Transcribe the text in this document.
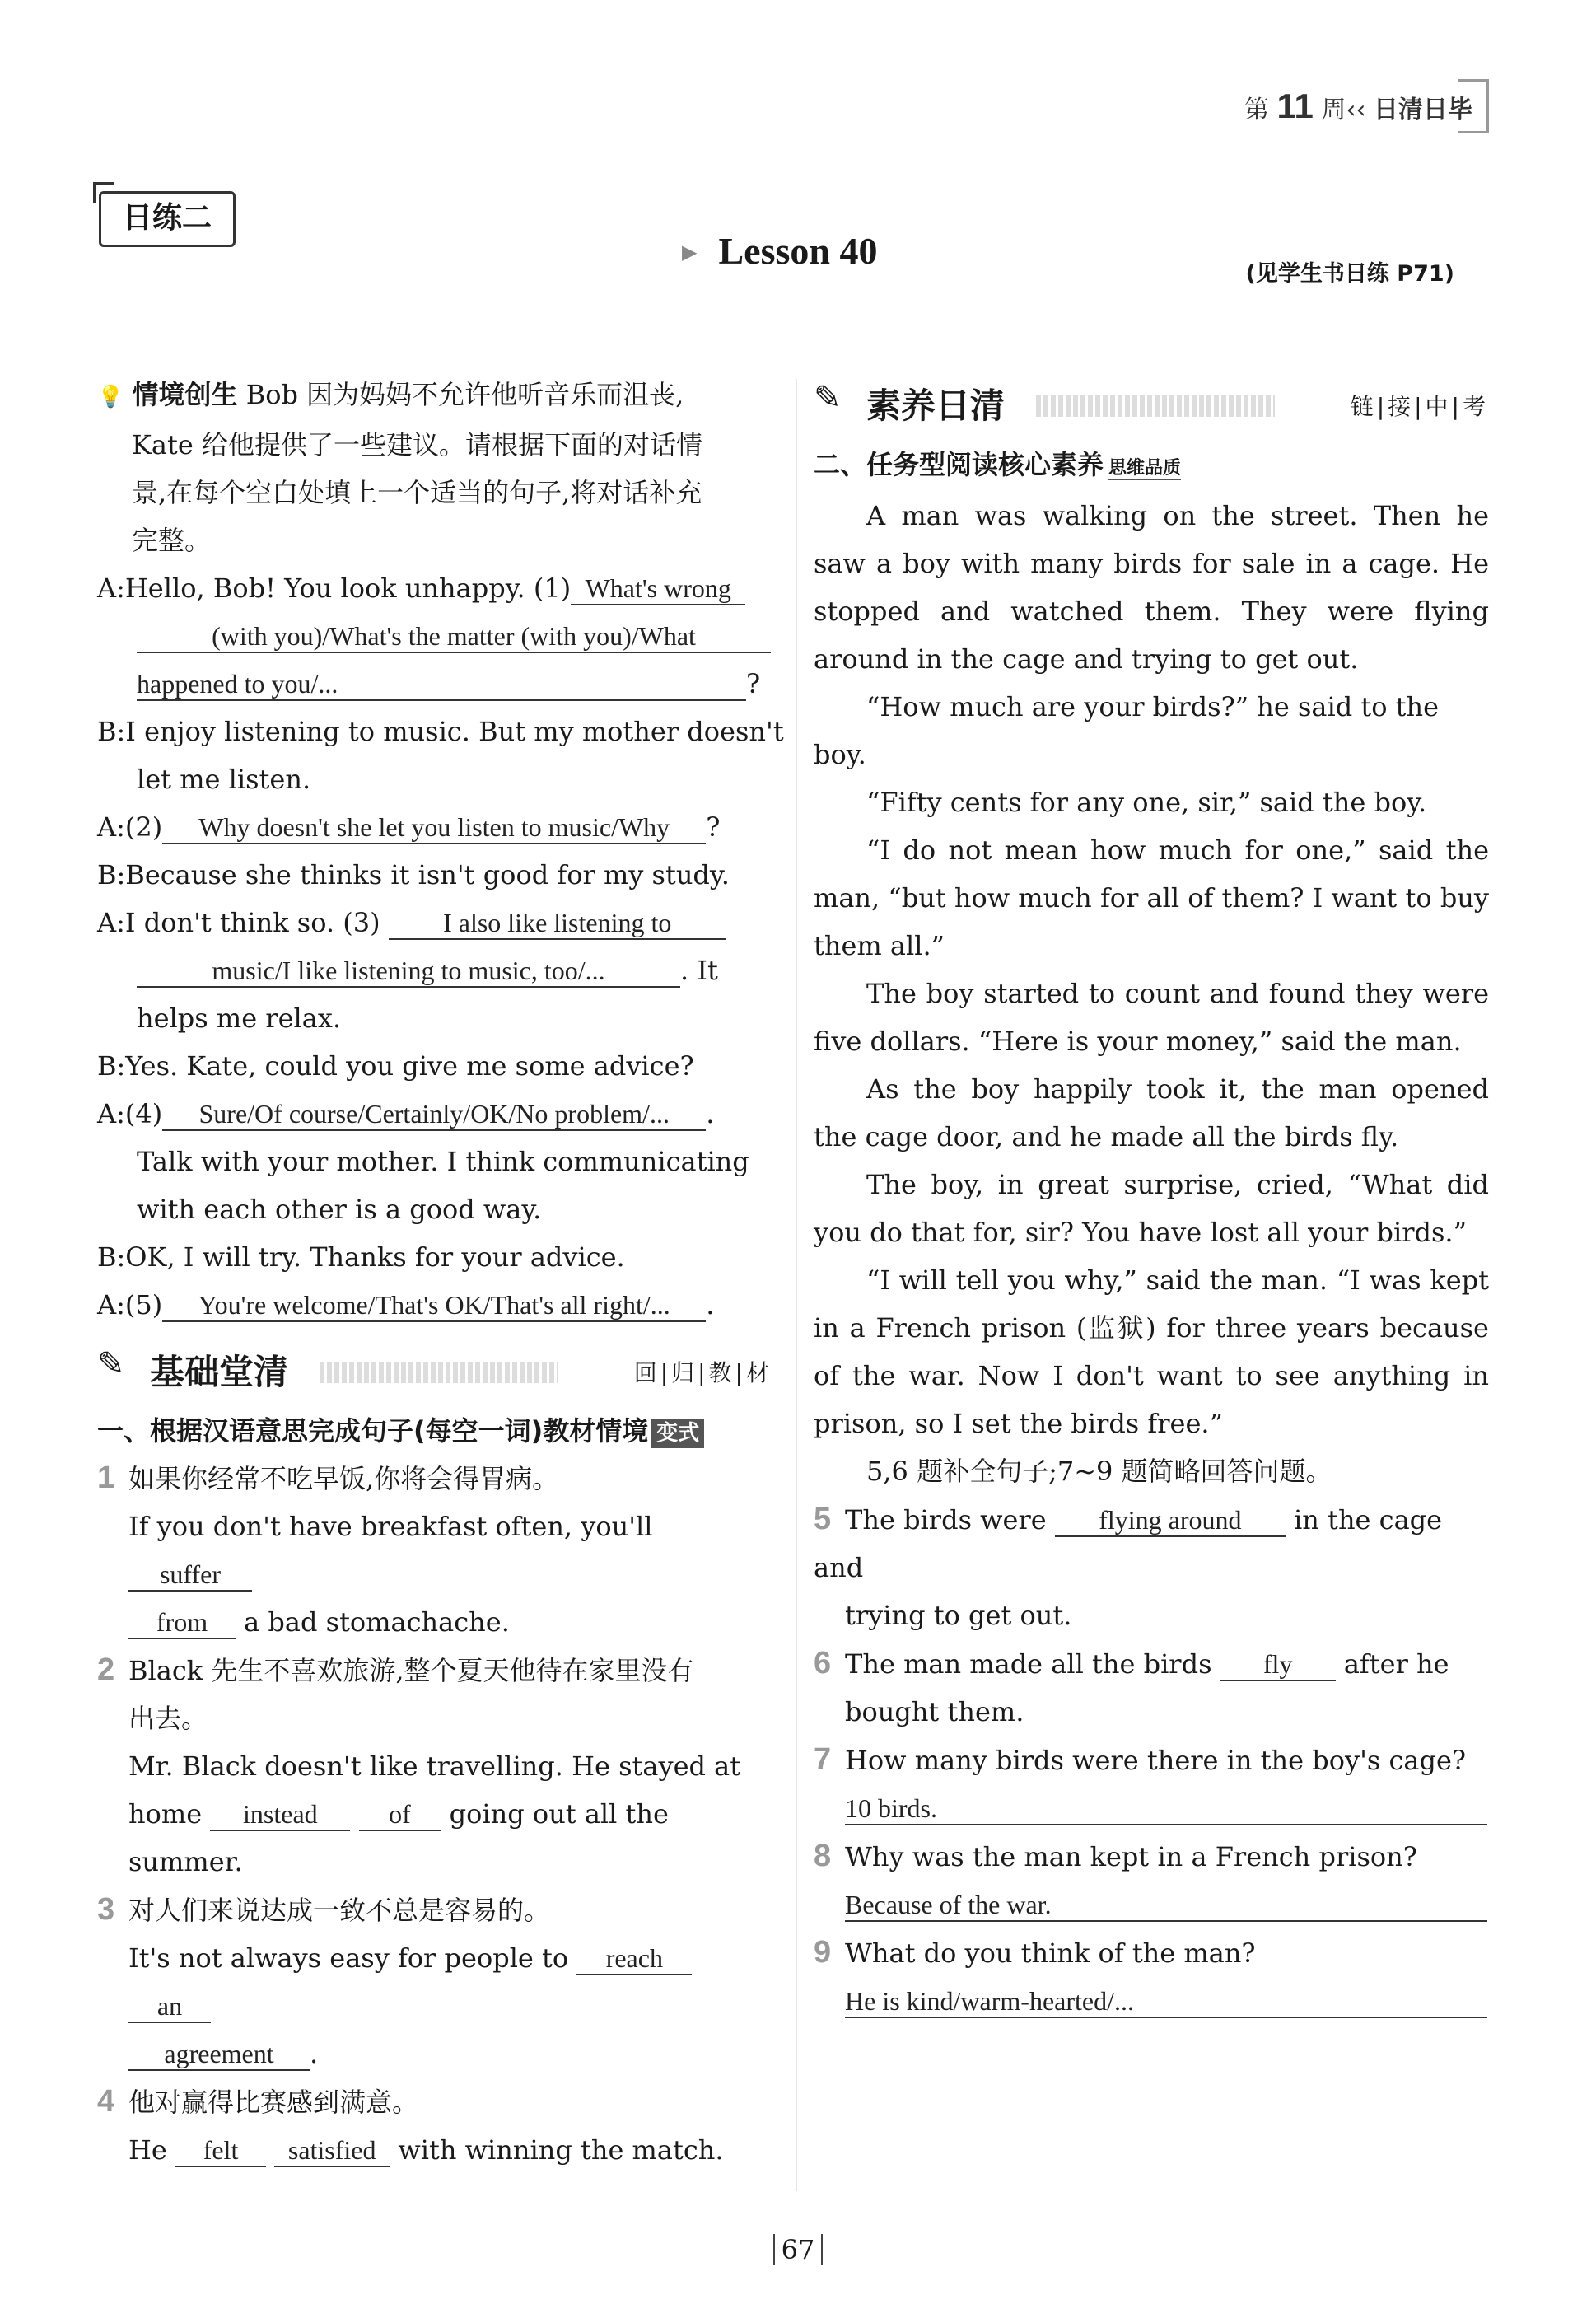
第 11 周‹‹ 日清日毕
日练二
▶ Lesson 40
(见学生书日练 P71)
💡 情境创生 Bob 因为妈妈不允许他听音乐而沮丧,
Kate 给他提供了一些建议。请根据下面的对话情
景,在每个空白处填上一个适当的句子,将对话补充
完整。
A:Hello, Bob! You look unhappy. (1) What's wrong
(with you)/What's the matter (with you)/What
happened to you/...	?
B:I enjoy listening to music. But my mother doesn't
let me listen.
A:(2) Why doesn't she let you listen to music/Why ?
B:Because she thinks it isn't good for my study.
A:I don't think so. (3) I also like listening to
music/I like listening to music, too/...	. It
helps me relax.
B:Yes. Kate, could you give me some advice?
A:(4) Sure/Of course/Certainly/OK/No problem/... .
Talk with your mother. I think communicating
with each other is a good way.
B:OK, I will try. Thanks for your advice.
A:(5) You're welcome/That's OK/That's all right/... .
✎ 基础堂清	回|归|教|材
一、根据汉语意思完成句子(每空一词)教材情境 变式
1 如果你经常不吃早饭,你将会得胃病。
If you don't have breakfast often, you'll suffer
from a bad stomachache.
2 Black 先生不喜欢旅游,整个夏天他待在家里没有
出去。
Mr. Black doesn't like travelling. He stayed at
home instead	of going out all the
summer.
3 对人们来说达成一致不总是容易的。
It's not always easy for people to reach an
agreement .
4 他对赢得比赛感到满意。
He felt satisfied with winning the match.
✎ 素养日清	链|接|中|考
二、任务型阅读核心素养 思维品质
A man was walking on the street. Then he saw a boy with many birds for sale in a cage. He stopped and watched them. They were flying around in the cage and trying to get out.
“How much are your birds?” he said to the boy.
“Fifty cents for any one, sir,” said the boy.
“I do not mean how much for one,” said the man, “but how much for all of them? I want to buy them all.”
The boy started to count and found they were five dollars. “Here is your money,” said the man.
As the boy happily took it, the man opened the cage door, and he made all the birds fly.
The boy, in great surprise, cried, “What did you do that for, sir? You have lost all your birds.”
“I will tell you why,” said the man. “I was kept in a French prison (监狱) for three years because of the war. Now I don't want to see anything in prison, so I set the birds free.”
5,6 题补全句子;7~9 题简略回答问题。
5 The birds were flying around in the cage and
trying to get out.
6 The man made all the birds fly after he
bought them.
7 How many birds were there in the boy's cage?
10 birds.
8 Why was the man kept in a French prison?
Because of the war.
9 What do you think of the man?
He is kind/warm-hearted/...
67
